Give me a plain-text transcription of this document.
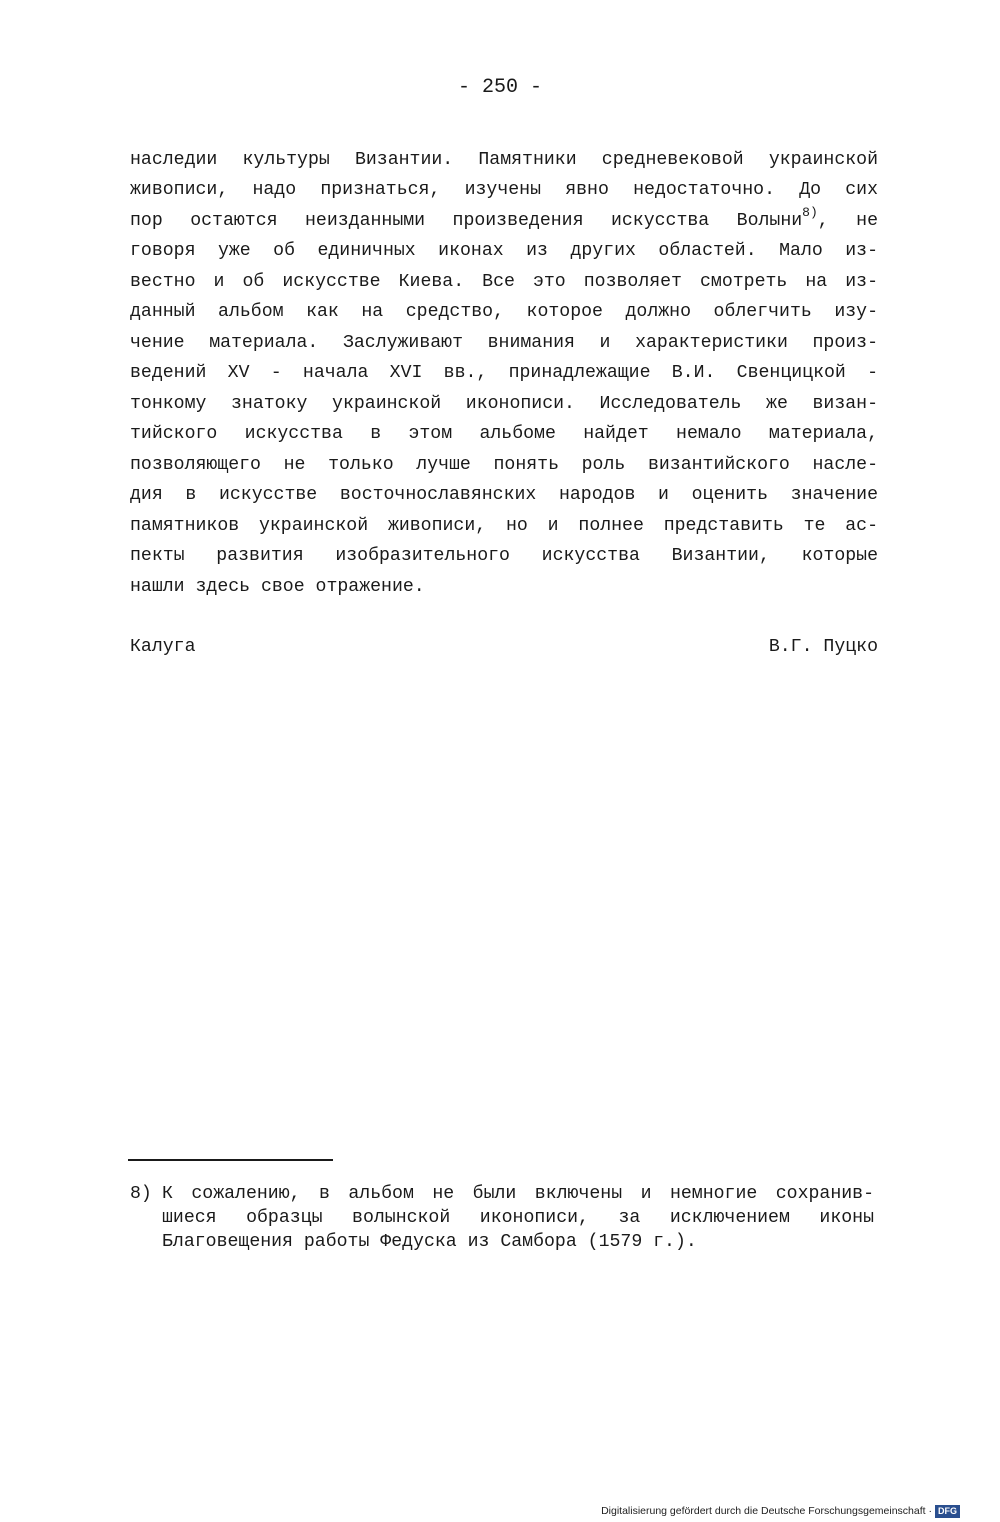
- 250 -
наследии культуры Византии. Памятники средневековой украинской
живописи, надо признаться, изучены явно недостаточно. До сих
пор остаются неизданными произведения искусства Волыни$^{8)}$, не
говоря уже об единичных иконах из других областей. Мало из-
вестно и об искусстве Киева. Все это позволяет смотреть на из-
данный альбом как на средство, которое должно облегчить изу-
чение материала. Заслуживают внимания и характеристики произ-
ведений XV - начала XVI вв., принадлежащие В.И. Свенцицкой -
тонкому знатоку украинской иконописи. Исследователь же визан-
тийского искусства в этом альбоме найдет немало материала,
позволяющего не только лучше понять роль византийского насле-
дия в искусстве восточнославянских народов и оценить значение
памятников украинской живописи, но и полнее представить те ас-
пекты развития изобразительного искусства Византии, которые
нашли здесь свое отражение.
Калуга	В.Г. Пуцко
8) К сожалению, в альбом не были включены и немногие сохранив-
шиеся образцы волынской иконописи, за исключением иконы
Благовещения работы Федуска из Самбора (1579 г.).
Digitalisierung gefördert durch die Deutsche Forschungsgemeinschaft · DFG
